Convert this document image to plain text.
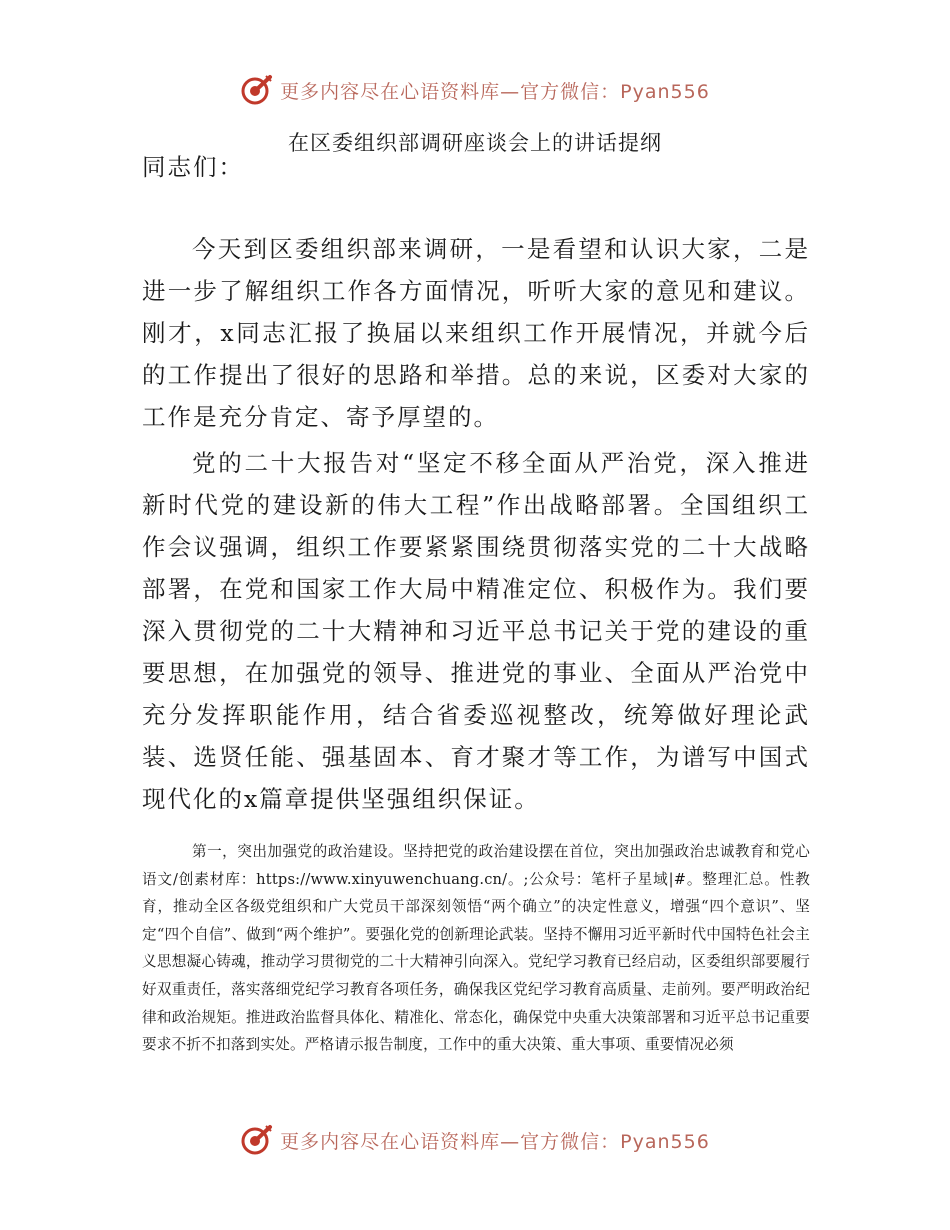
更多内容尽在心语资料库—官方微信：Pyan556
在区委组织部调研座谈会上的讲话提纲

同志们：

今天到区委组织部来调研，一是看望和认识大家，二是进一步了解组织工作各方面情况，听听大家的意见和建议。刚才，x同志汇报了换届以来组织工作开展情况，并就今后的工作提出了很好的思路和举措。总的来说，区委对大家的工作是充分肯定、寄予厚望的。

党的二十大报告对“坚定不移全面从严治党，深入推进新时代党的建设新的伟大工程”作出战略部署。全国组织工作会议强调，组织工作要紧紧围绕贯彻落实党的二十大战略部署，在党和国家工作大局中精准定位、积极作为。我们要深入贯彻党的二十大精神和习近平总书记关于党的建设的重要思想，在加强党的领导、推进党的事业、全面从严治党中充分发挥职能作用，结合省委巡视整改，统筹做好理论武装、选贤任能、强基固本、育才聚才等工作，为谱写中国式现代化的x篇章提供坚强组织保证。

第一，突出加强党的政治建设。坚持把党的政治建设摆在首位，突出加强政治忠诚教育和党心语文/创素材库：https://www.xinyuwenchuang.cn/。;公众号：笔杆子星域|#。整理汇总。性教育，推动全区各级党组织和广大党员干部深刻领悟“两个确立”的决定性意义，增强“四个意识”、坚定“四个自信”、做到“两个维护”。要强化党的创新理论武装。坚持不懈用习近平新时代中国特色社会主义思想凝心铸魂，推动学习贯彻党的二十大精神引向深入。党纪学习教育已经启动，区委组织部要履行好双重责任，落实落细党纪学习教育各项任务，确保我区党纪学习教育高质量、走前列。要严明政治纪律和政治规矩。推进政治监督具体化、精准化、常态化，确保党中央重大决策部署和习近平总书记重要要求不折不扣落到实处。严格请示报告制度，工作中的重大决策、重大事项、重要情况必须

更多内容尽在心语资料库—官方微信：Pyan556
